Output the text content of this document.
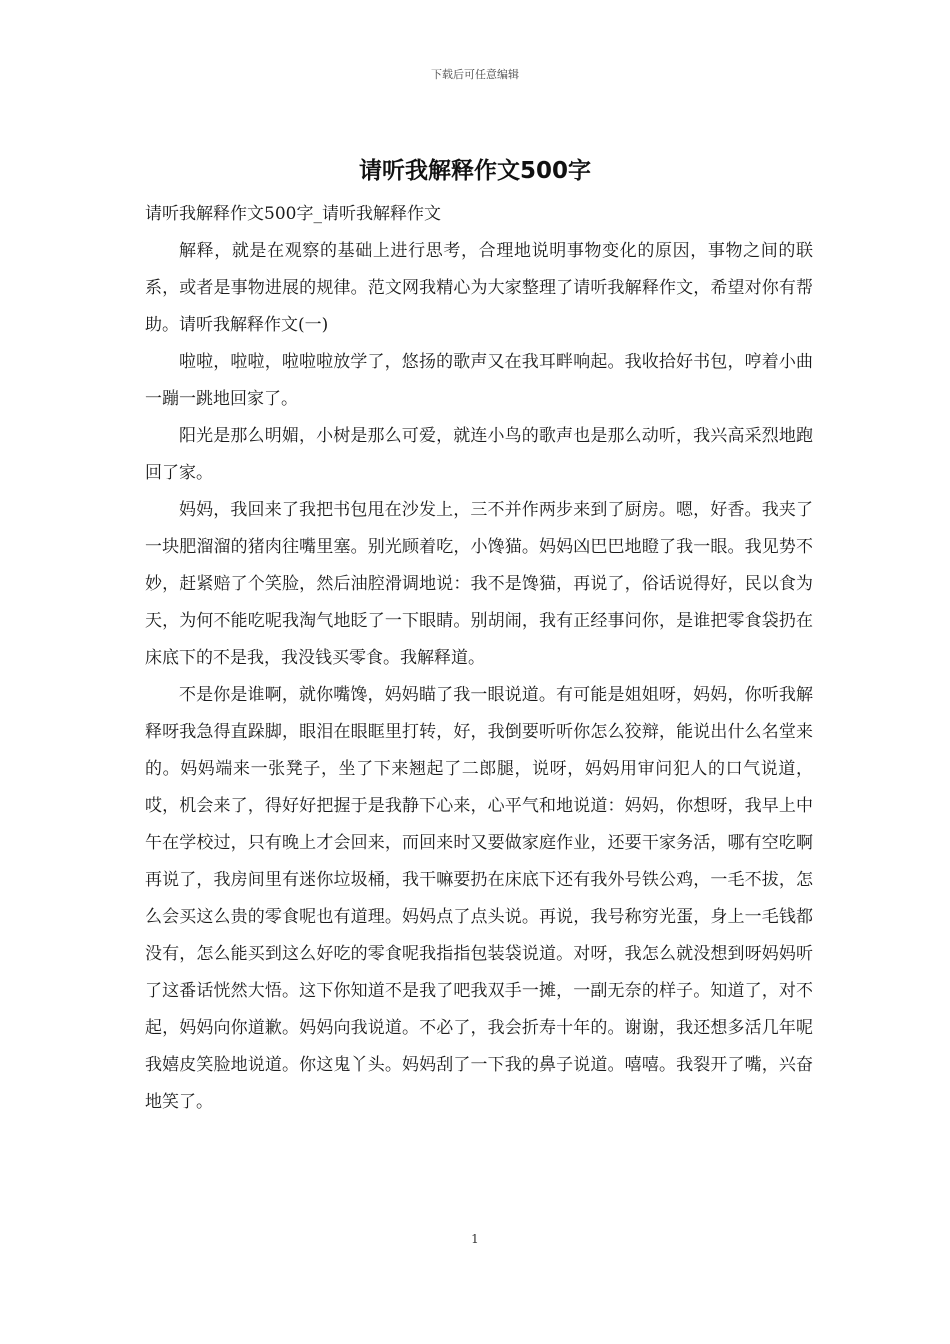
下载后可任意编辑
请听我解释作文500字

请听我解释作文500字_请听我解释作文

解释，就是在观察的基础上进行思考，合理地说明事物变化的原因，事物之间的联系，或者是事物进展的规律。范文网我精心为大家整理了请听我解释作文，希望对你有帮助。请听我解释作文(一)

啦啦，啦啦，啦啦啦放学了，悠扬的歌声又在我耳畔响起。我收拾好书包，哼着小曲一蹦一跳地回家了。

阳光是那么明媚，小树是那么可爱，就连小鸟的歌声也是那么动听，我兴高采烈地跑回了家。

妈妈，我回来了我把书包甩在沙发上，三不并作两步来到了厨房。嗯，好香。我夹了一块肥溜溜的猪肉往嘴里塞。别光顾着吃，小馋猫。妈妈凶巴巴地瞪了我一眼。我见势不妙，赶紧赔了个笑脸，然后油腔滑调地说：我不是馋猫，再说了，俗话说得好，民以食为天，为何不能吃呢我淘气地眨了一下眼睛。别胡闹，我有正经事问你，是谁把零食袋扔在床底下的不是我，我没钱买零食。我解释道。

不是你是谁啊，就你嘴馋，妈妈瞄了我一眼说道。有可能是姐姐呀，妈妈，你听我解释呀我急得直跺脚，眼泪在眼眶里打转，好，我倒要听听你怎么狡辩，能说出什么名堂来的。妈妈端来一张凳子，坐了下来翘起了二郎腿，说呀，妈妈用审问犯人的口气说道，哎，机会来了，得好好把握于是我静下心来，心平气和地说道：妈妈，你想呀，我早上中午在学校过，只有晚上才会回来，而回来时又要做家庭作业，还要干家务活，哪有空吃啊再说了，我房间里有迷你垃圾桶，我干嘛要扔在床底下还有我外号铁公鸡，一毛不拔，怎么会买这么贵的零食呢也有道理。妈妈点了点头说。再说，我号称穷光蛋，身上一毛钱都没有，怎么能买到这么好吃的零食呢我指指包装袋说道。对呀，我怎么就没想到呀妈妈听了这番话恍然大悟。这下你知道不是我了吧我双手一摊，一副无奈的样子。知道了，对不起，妈妈向你道歉。妈妈向我说道。不必了，我会折寿十年的。谢谢，我还想多活几年呢我嬉皮笑脸地说道。你这鬼丫头。妈妈刮了一下我的鼻子说道。嘻嘻。我裂开了嘴，兴奋地笑了。

1
